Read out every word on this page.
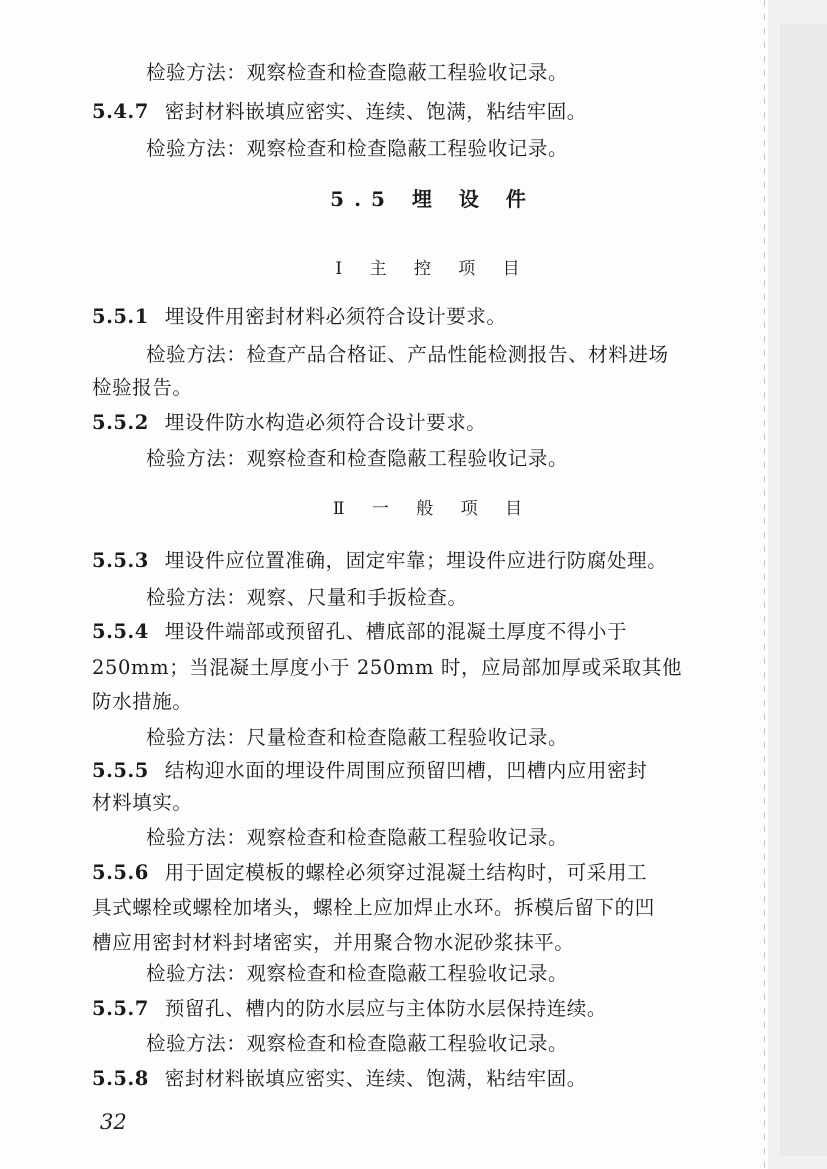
检验方法：观察检查和检查隐蔽工程验收记录。
5.4.7 密封材料嵌填应密实、连续、饱满，粘结牢固。
检验方法：观察检查和检查隐蔽工程验收记录。
5.5 埋 设 件
Ⅰ 主 控 项 目
5.5.1 埋设件用密封材料必须符合设计要求。
检验方法：检查产品合格证、产品性能检测报告、材料进场
检验报告。
5.5.2 埋设件防水构造必须符合设计要求。
检验方法：观察检查和检查隐蔽工程验收记录。
Ⅱ 一 般 项 目
5.5.3 埋设件应位置准确，固定牢靠；埋设件应进行防腐处理。
检验方法：观察、尺量和手扳检查。
5.5.4 埋设件端部或预留孔、槽底部的混凝土厚度不得小于
250mm；当混凝土厚度小于 250mm 时，应局部加厚或采取其他
防水措施。
检验方法：尺量检查和检查隐蔽工程验收记录。
5.5.5 结构迎水面的埋设件周围应预留凹槽，凹槽内应用密封
材料填实。
检验方法：观察检查和检查隐蔽工程验收记录。
5.5.6 用于固定模板的螺栓必须穿过混凝土结构时，可采用工
具式螺栓或螺栓加堵头，螺栓上应加焊止水环。拆模后留下的凹
槽应用密封材料封堵密实，并用聚合物水泥砂浆抹平。
检验方法：观察检查和检查隐蔽工程验收记录。
5.5.7 预留孔、槽内的防水层应与主体防水层保持连续。
检验方法：观察检查和检查隐蔽工程验收记录。
5.5.8 密封材料嵌填应密实、连续、饱满，粘结牢固。
32
